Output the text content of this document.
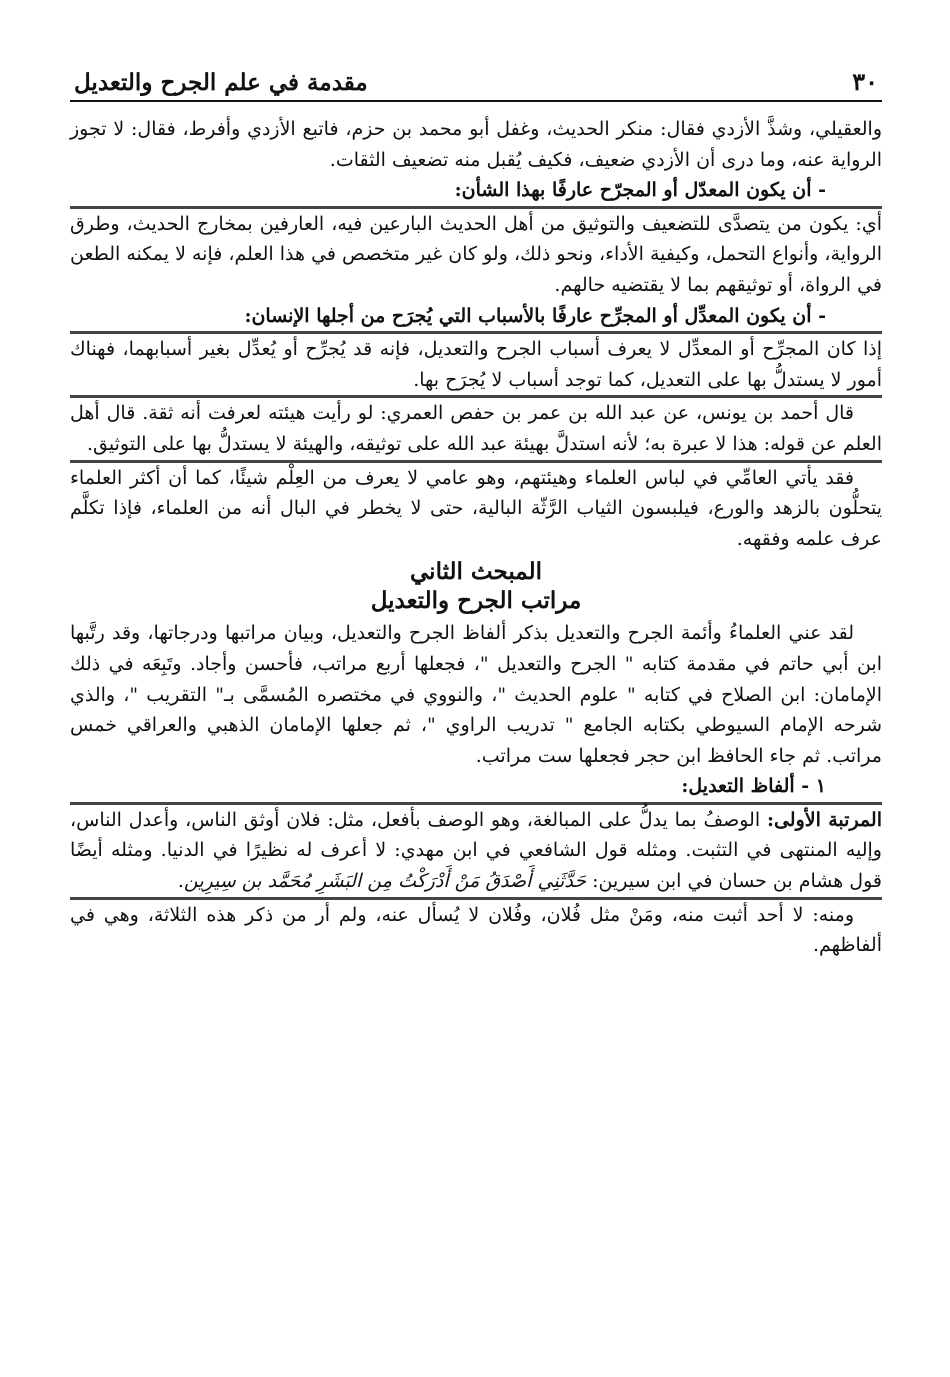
٣٠
مقدمة في علم الجرح والتعديل

والعقيلي، وشذَّ الأزدي فقال: منكر الحديث، وغفل أبو محمد بن حزم، فاتبع الأزدي وأفرط، فقال: لا تجوز الرواية عنه، وما درى أن الأزدي ضعيف، فكيف يُقبل منه تضعيف الثقات.

- أن يكون المعدّل أو المجرّح عارفًا بهذا الشأن:

أي: يكون من يتصدَّى للتضعيف والتوثيق من أهل الحديث البارعين فيه، العارفين بمخارج الحديث، وطرق الرواية، وأنواع التحمل، وكيفية الأداء، ونحو ذلك، ولو كان غير متخصص في هذا العلم، فإنه لا يمكنه الطعن في الرواة، أو توثيقهم بما لا يقتضيه حالهم.

- أن يكون المعدِّل أو المجرِّح عارفًا بالأسباب التي يُجرَح من أجلها الإنسان:

إذا كان المجرِّح أو المعدِّل لا يعرف أسباب الجرح والتعديل، فإنه قد يُجرِّح أو يُعدِّل بغير أسبابهما، فهناك أمور لا يستدلُّ بها على التعديل، كما توجد أسباب لا يُجرَح بها.

قال أحمد بن يونس، عن عبد الله بن عمر بن حفص العمري: لو رأيت هيئته لعرفت أنه ثقة. قال أهل العلم عن قوله: هذا لا عبرة به؛ لأنه استدلَّ بهيئة عبد الله على توثيقه، والهيئة لا يستدلُّ بها على التوثيق.

فقد يأتي العامِّي في لباس العلماء وهيئتهم، وهو عامي لا يعرف من العِلْم شيئًا، كما أن أكثر العلماء يتحلُّون بالزهد والورع، فيلبسون الثياب الرَّثّة البالية، حتى لا يخطر في البال أنه من العلماء، فإذا تكلَّم عرف علمه وفقهه.

المبحث الثاني
مراتب الجرح والتعديل

لقد عني العلماءُ وأئمة الجرح والتعديل بذكر ألفاظ الجرح والتعديل، وبيان مراتبها ودرجاتها، وقد رتَّبها ابن أبي حاتم في مقدمة كتابه " الجرح والتعديل "، فجعلها أربع مراتب، فأحسن وأجاد. وتَبِعَه في ذلك الإمامان: ابن الصلاح في كتابه " علوم الحديث "، والنووي في مختصره المُسمَّى بـ" التقريب "، والذي شرحه الإمام السيوطي بكتابه الجامع " تدريب الراوي "، ثم جعلها الإمامان الذهبي والعراقي خمس مراتب. ثم جاء الحافظ ابن حجر فجعلها ست مراتب.

١ - ألفاظ التعديل:

المرتبة الأولى: الوصفُ بما يدلُّ على المبالغة، وهو الوصف بأفعل، مثل: فلان أوثق الناس، وأعدل الناس، وإليه المنتهى في التثبت. ومثله قول الشافعي في ابن مهدي: لا أعرف له نظيرًا في الدنيا. ومثله أيضًا قول هشام بن حسان في ابن سيرين: حَدَّثَنِي أَصْدَقُ مَنْ أَدْرَكْتُ مِن البَشَرِ مُحَمَّد بن سِيرِين.

ومنه: لا أحد أثبت منه، ومَنْ مثل فُلان، وفُلان لا يُسأل عنه، ولم أر من ذكر هذه الثلاثة، وهي في ألفاظهم.
